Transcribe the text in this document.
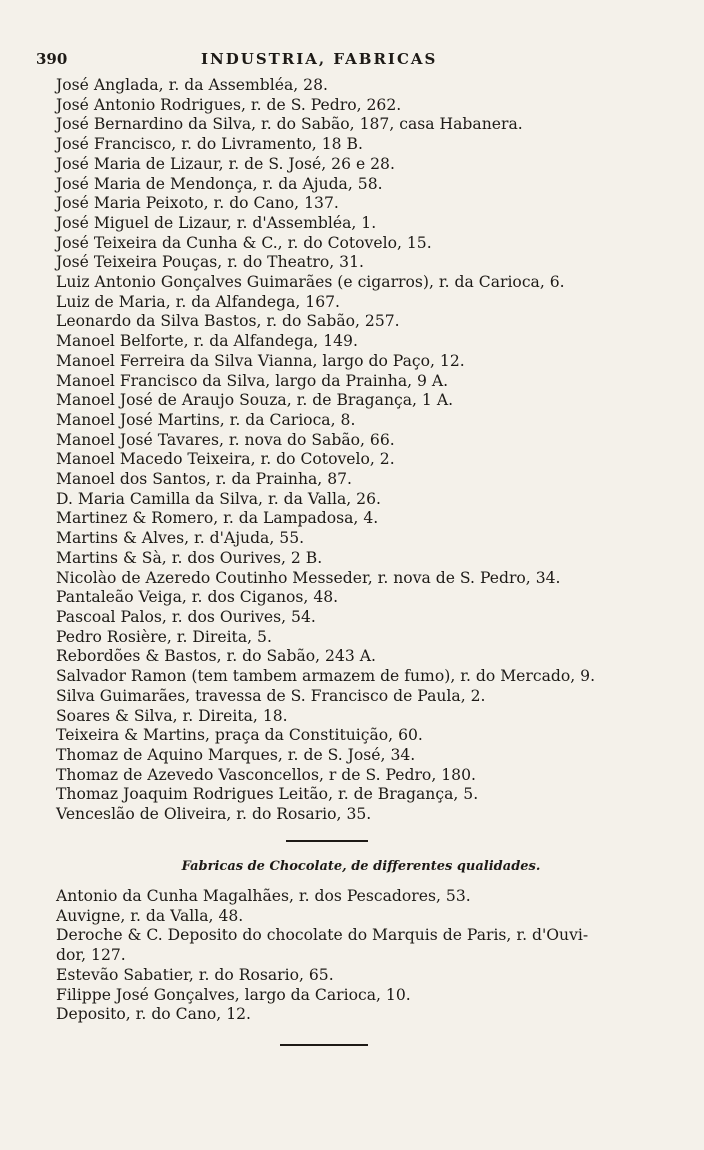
390	INDUSTRIA, FABRICAS
José Anglada, r. da Assembléa, 28.
José Antonio Rodrigues, r. de S. Pedro, 262.
José Bernardino da Silva, r. do Sabão, 187, casa Habanera.
José Francisco, r. do Livramento, 18 B.
José Maria de Lizaur, r. de S. José, 26 e 28.
José Maria de Mendonça, r. da Ajuda, 58.
José Maria Peixoto, r. do Cano, 137.
José Miguel de Lizaur, r. d'Assembléa, 1.
José Teixeira da Cunha & C., r. do Cotovelo, 15.
José Teixeira Pouças, r. do Theatro, 31.
Luiz Antonio Gonçalves Guimarães (e cigarros), r. da Carioca, 6.
Luiz de Maria, r. da Alfandega, 167.
Leonardo da Silva Bastos, r. do Sabão, 257.
Manoel Belforte, r. da Alfandega, 149.
Manoel Ferreira da Silva Vianna, largo do Paço, 12.
Manoel Francisco da Silva, largo da Prainha, 9 A.
Manoel José de Araujo Souza, r. de Bragança, 1 A.
Manoel José Martins, r. da Carioca, 8.
Manoel José Tavares, r. nova do Sabão, 66.
Manoel Macedo Teixeira, r. do Cotovelo, 2.
Manoel dos Santos, r. da Prainha, 87.
D. Maria Camilla da Silva, r. da Valla, 26.
Martinez & Romero, r. da Lampadosa, 4.
Martins & Alves, r. d'Ajuda, 55.
Martins & Sà, r. dos Ourives, 2 B.
Nicolào de Azeredo Coutinho Messeder, r. nova de S. Pedro, 34.
Pantaleão Veiga, r. dos Ciganos, 48.
Pascoal Palos, r. dos Ourives, 54.
Pedro Rosière, r. Direita, 5.
Rebordões & Bastos, r. do Sabão, 243 A.
Salvador Ramon (tem tambem armazem de fumo), r. do Mercado, 9.
Silva Guimarães, travessa de S. Francisco de Paula, 2.
Soares & Silva, r. Direita, 18.
Teixeira & Martins, praça da Constituição, 60.
Thomaz de Aquino Marques, r. de S. José, 34.
Thomaz de Azevedo Vasconcellos, r de S. Pedro, 180.
Thomaz Joaquim Rodrigues Leitão, r. de Bragança, 5.
Venceslão de Oliveira, r. do Rosario, 35.
Fabricas de Chocolate, de differentes qualidades.
Antonio da Cunha Magalhães, r. dos Pescadores, 53.
Auvigne, r. da Valla, 48.
Deroche & C. Deposito do chocolate do Marquis de Paris, r. d'Ouvi-
dor, 127.
Estevão Sabatier, r. do Rosario, 65.
Filippe José Gonçalves, largo da Carioca, 10.
Deposito, r. do Cano, 12.
